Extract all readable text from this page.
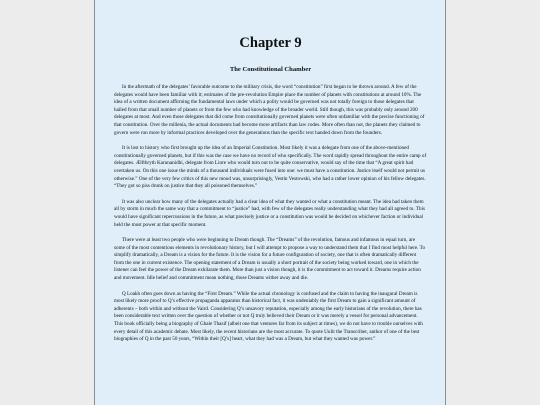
Chapter 9
The Constitutional Chamber

In the aftermath of the delegates’ favorable outcome to the military crisis, the word “constitution” first began to be thrown around. A few of the delegates would have been familiar with it; estimates of the pre-revolution Empire place the number of planets with constitutions at around 10%. The idea of a written document affirming the fundamental laws under which a polity would be governed was not totally foreign to those delegates that hailed from that small number of planets or from the few who had knowledge of the broader world. Still though, this was probably only around 200 delegates at most. And even those delegates that did come from constitutionally governed planets were often unfamiliar with the precise functioning of that constitution. Over the millenia, the actual documents had become more artifacts than law codes. More often than not, the planets they claimed to govern were run more by informal practices developed over the generations than the specific text handed down from the founders.

It is lost to history who first brought up the idea of an Imperial Constitution. Most likely it was a delegate from one of the above-mentioned constitutionally governed planets, but if this was the case we have no record of who specifically. The word rapidly spread throughout the entire camp of delegates. Ælfthryth Karunanidhi, delegate from Liore who would turn out to be quite conservative, would say of the time that “A great spirit had overtaken us. On this one issue the minds of a thousand individuals were fused into one: we must have a constitution. Justice itself would not permit us otherwise.” One of the very few critics of this new mood was, unsurprisingly, Vestin Vestowski, who had a rather lower opinion of his fellow delegates. “They got so piss drunk on justice that they all poisoned themselves.”

It was also unclear how many of the delegates actually had a clear idea of what they wanted or what a constitution meant. The idea had taken them all by storm in much the same way that a commitment to “justice” had, with few of the delegates really understanding what they had all agreed to. This would have significant repercussions in the future, as what precisely justice or a constitution was would be decided on whichever faction or individual held the most power at that specific moment.

There were at least two people who were beginning to Dream though. The “Dreams” of the revolution, famous and infamous in equal turn, are some of the most contentious elements in revolutionary history, but I will attempt to propose a way to understand them that I find most helpful here. To simplify dramatically, a Dream is a vision for the future. It is the vision for a future configuration of society, one that is often dramatically different from the one in current existence. The opening statement of a Dream is usually a short portrait of the society being worked toward, one in which the listener can feel the power of the Dream exhilarate them. More than just a vision though, it is the commitment to act toward it. Dreams require action and movement. Idle belief and commitment mean nothing, those Dreams wither away and die.

Q Loakh often goes down as having the “First Dream.” While the actual chronology is confused and the claim to having the inaugural Dream is most likely more proof to Q’s effective propaganda apparatus than historical fact, it was undeniably the first Dream to gain a significant amount of adherents – both within and without the Vaird. Considering Q’s unsavory reputation, especially among the early historians of the revolution, there has been considerable text written over the question of whether or not Q truly believed their Dream or it was merely a vessel for personal advancement. This book officially being a biography of Ghale Thasif (albeit one that ventures far from its subject at times), we do not have to trouble ourselves with every detail of this academic debate. Most likely, the recent historians are the most accurate. To quote Uulit the Transcriber, author of one of the best biographies of Q in the past 50 years, “Within their [Q’s] heart, what they had was a Dream, but what they wanted was power.”
